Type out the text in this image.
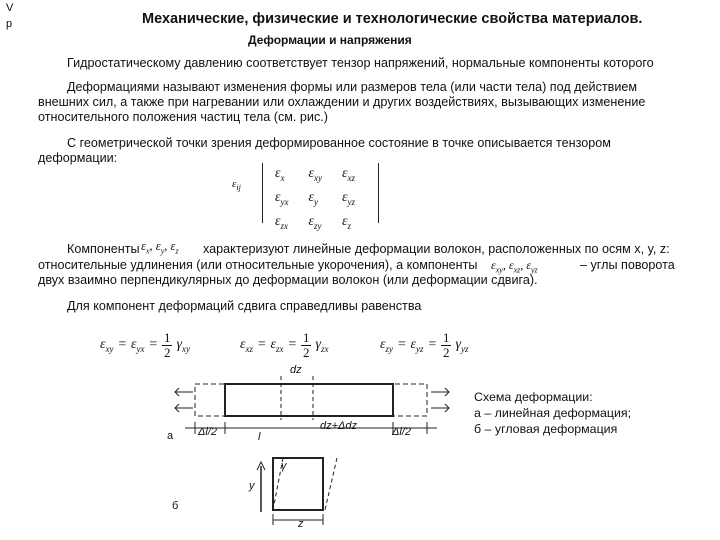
V
p	Механические, физические и технологические свойства материалов.
Деформации и напряжения
Гидростатическому давлению соответствует тензор напряжений, нормальные компоненты которого
Деформациями называют изменения формы или размеров тела (или части тела) под действием
внешних сил, а также при нагревании или охлаждении и других воздействиях, вызывающих изменение
относительного положения частиц тела (см. рис.)
С геометрической точки зрения деформированное состояние в точке описывается тензором
деформации:
$\varepsilon_{ij}$
$\varepsilon_x$	$\varepsilon_{xy}$	$\varepsilon_{xz}$
$\varepsilon_{yx}$	$\varepsilon_y$	$\varepsilon_{yz}$
$\varepsilon_{zx}$	$\varepsilon_{zy}$	$\varepsilon_z$
Компоненты $\varepsilon_x$, $\varepsilon_y$, $\varepsilon_z$ характеризуют линейные деформации волокон, расположенных по осям x, y, z:
относительные удлинения (или относительные укорочения), а компоненты $\varepsilon_{xy}$, $\varepsilon_{xz}$, $\varepsilon_{yz}$	– углы поворота
двух взаимно перпендикулярных до деформации волокон (или деформации сдвига).
Для компонент деформаций сдвига справедливы равенства
$\varepsilon_{xy} = \varepsilon_{yx} = \frac{1}{2} \gamma_{xy}$	$\varepsilon_{xz} = \varepsilon_{zx} = \frac{1}{2} \gamma_{zx}$	$\varepsilon_{zy} = \varepsilon_{yz} = \frac{1}{2} \gamma_{yz}$
dz
а Δl/2	l
dz+Δdz	Δl/2
y
γ
б
z
Схема деформации:
а – линейная деформация;
б – угловая деформация
